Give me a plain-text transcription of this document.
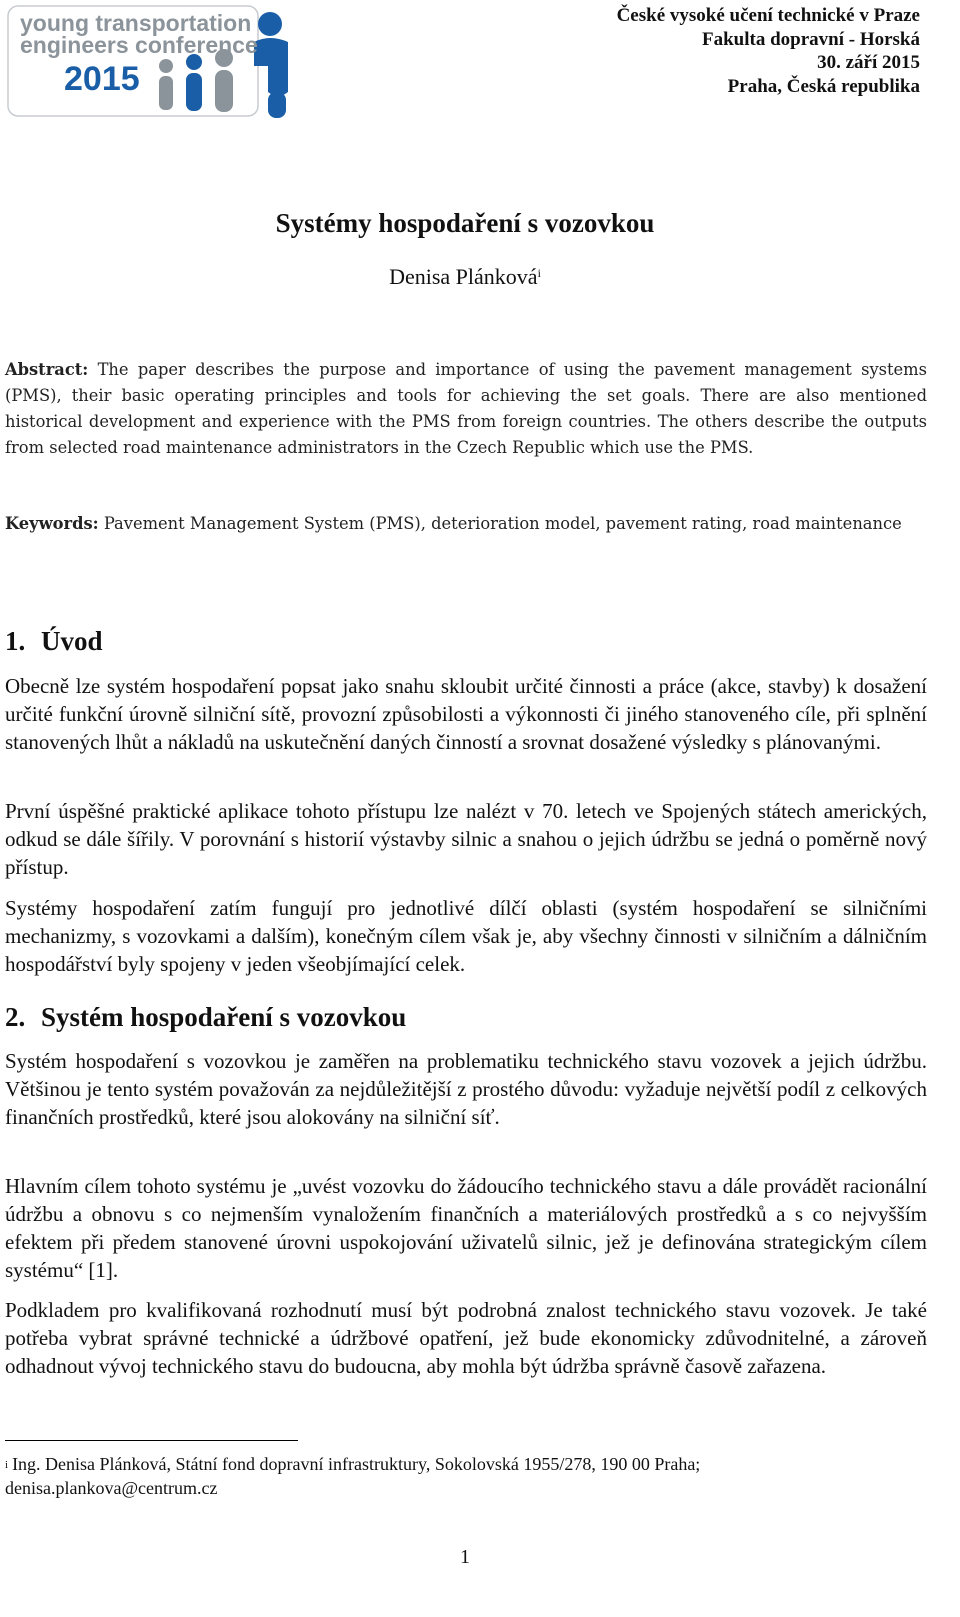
young transportation
engineers conference
2015
České vysoké učení technické v Praze
Fakulta dopravní - Horská
30. září 2015
Praha, Česká republika
Systémy hospodaření s vozovkou
Denisa Plánková$^i$
Abstract: The paper describes the purpose and importance of using the pavement management systems (PMS), their basic operating principles and tools for achieving the set goals. There are also mentioned historical development and experience with the PMS from foreign countries. The others describe the outputs from selected road maintenance administrators in the Czech Republic which use the PMS.
Keywords: Pavement Management System (PMS), deterioration model, pavement rating, road maintenance
1. Úvod

Obecně lze systém hospodaření popsat jako snahu skloubit určité činnosti a práce (akce, stavby) k dosažení určité funkční úrovně silniční sítě, provozní způsobilosti a výkonnosti či jiného stanoveného cíle, při splnění stanovených lhůt a nákladů na uskutečnění daných činností a srovnat dosažené výsledky s plánovanými.

První úspěšné praktické aplikace tohoto přístupu lze nalézt v 70. letech ve Spojených státech amerických, odkud se dále šířily. V porovnání s historií výstavby silnic a snahou o jejich údržbu se jedná o poměrně nový přístup.

Systémy hospodaření zatím fungují pro jednotlivé dílčí oblasti (systém hospodaření se silničními mechanizmy, s vozovkami a dalším), konečným cílem však je, aby všechny činnosti v silničním a dálničním hospodářství byly spojeny v jeden všeobjímající celek.

2. Systém hospodaření s vozovkou

Systém hospodaření s vozovkou je zaměřen na problematiku technického stavu vozovek a jejich údržbu. Většinou je tento systém považován za nejdůležitější z prostého důvodu: vyžaduje největší podíl z celkových finančních prostředků, které jsou alokovány na silniční síť.

Hlavním cílem tohoto systému je „uvést vozovku do žádoucího technického stavu a dále provádět racionální údržbu a obnovu s co nejmenším vynaložením finančních a materiálových prostředků a s co nejvyšším efektem při předem stanovené úrovni uspokojování uživatelů silnic, jež je definována strategickým cílem systému“ [1].

Podkladem pro kvalifikovaná rozhodnutí musí být podrobná znalost technického stavu vozovek. Je také potřeba vybrat správné technické a údržbové opatření, jež bude ekonomicky zdůvodnitelné, a zároveň odhadnout vývoj technického stavu do budoucna, aby mohla být údržba správně časově zařazena.

$^i$ Ing. Denisa Plánková, Státní fond dopravní infrastruktury, Sokolovská 1955/278, 190 00 Praha;
denisa.plankova@centrum.cz
1
